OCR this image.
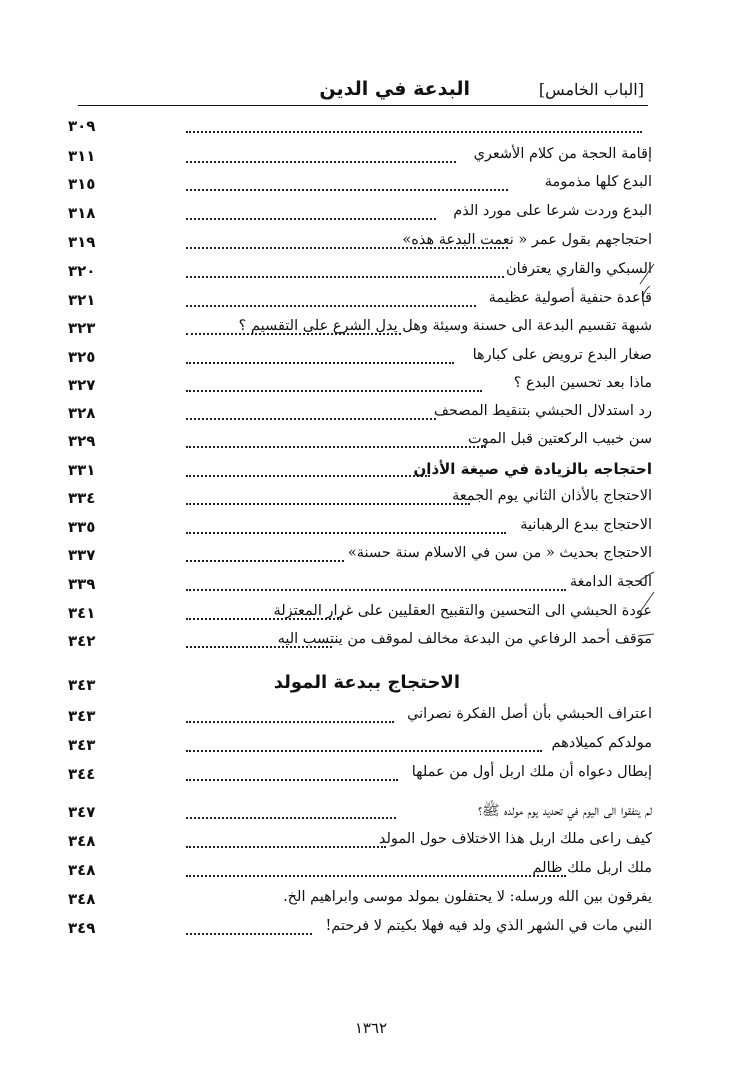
[الباب الخامس]
البدعة في الدين
٣٠٩
٣١١	إقامة الحجة من كلام الأشعري
٣١٥	البدع كلها مذمومة
٣١٨	البدع وردت شرعا على مورد الذم
٣١٩	احتجاجهم بقول عمر « نعمت البدعة هذه»
٣٢٠	السبكي والقاري يعترفان
٣٢١	قاعدة حنفية أصولية عظيمة
٣٢٣	شبهة تقسيم البدعة الى حسنة وسيئة وهل يدل الشرع على التقسيم ؟
٣٢٥	صغار البدع ترويض على كبارها
٣٢٧	ماذا بعد تحسين البدع ؟
٣٢٨	رد استدلال الحبشي بتنقيط المصحف
٣٢٩	سن خبيب الركعتين قبل الموت
٣٣١	احتجاجه بالزيادة في صيغة الأذان
٣٣٤	الاحتجاج بالأذان الثاني يوم الجمعة
٣٣٥	الاحتجاج ببدع الرهبانية
٣٣٧	الاحتجاج بحديث « من سن في الاسلام سنة حسنة»
٣٣٩	الحجة الدامغة
٣٤١	عودة الحبشي الى التحسين والتقبيح العقليين على غرار المعتزلة
٣٤٢	موقف أحمد الرفاعي من البدعة مخالف لموقف من ينتسب اليه
٣٤٣	الاحتجاج ببدعة المولد
٣٤٣	اعتراف الحبشي بأن أصل الفكرة نصراني
٣٤٣	مولدكم كميلادهم
٣٤٤	إبطال دعواه أن ملك اربل أول من عملها
٣٤٧	لم يتفقوا الى اليوم في تحديد يوم مولده ﷺ؟
٣٤٨	كيف راعى ملك اربل هذا الاختلاف حول المولد
٣٤٨	ملك اربل ملك ظالم
٣٤٨	يفرقون بين الله ورسله: لا يحتفلون بمولد موسى وابراهيم الخ.
٣٤٩	النبي مات في الشهر الذي ولد فيه فهلا بكيتم لا فرحتم!
١٣٦٢
